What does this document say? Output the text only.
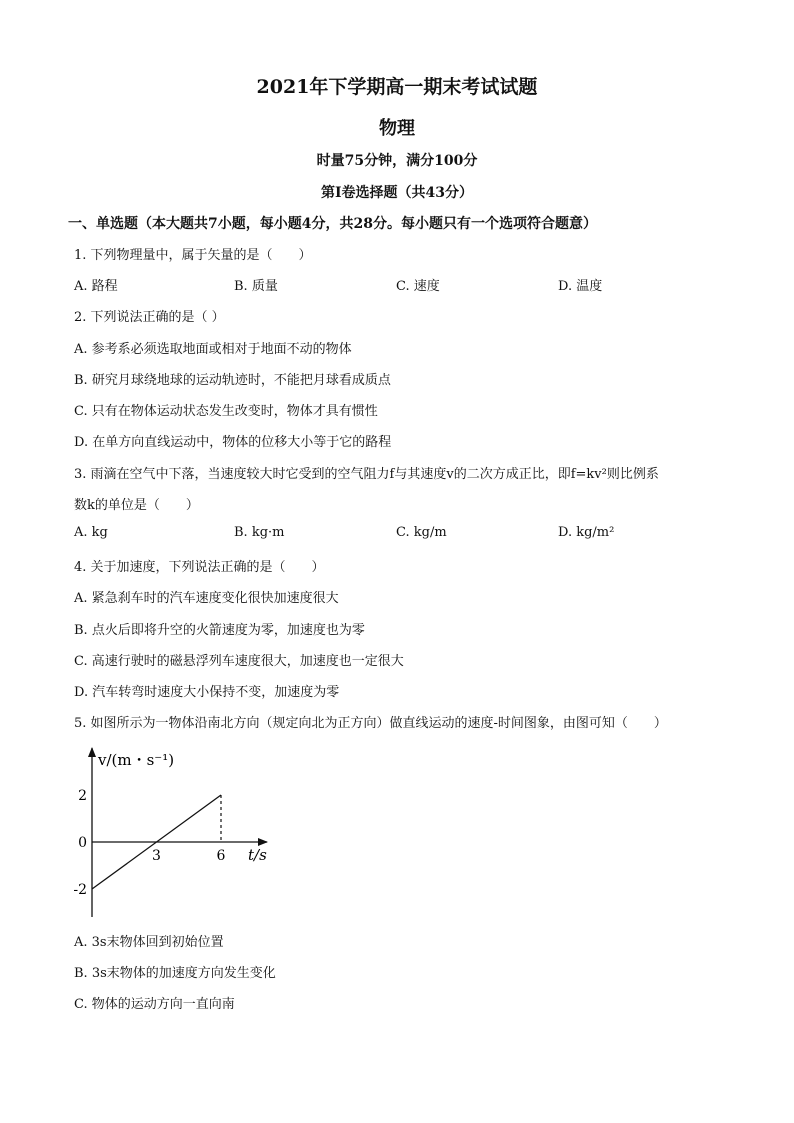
2021年下学期高一期末考试试题
物理
时量75分钟，满分100分
第I卷选择题（共43分）
一、单选题（本大题共7小题，每小题4分，共28分。每小题只有一个选项符合题意）
1. 下列物理量中，属于矢量的是（　　）
A. 路程	B. 质量	C. 速度	D. 温度
2. 下列说法正确的是（ ）
A. 参考系必须选取地面或相对于地面不动的物体
B. 研究月球绕地球的运动轨迹时，不能把月球看成质点
C. 只有在物体运动状态发生改变时，物体才具有惯性
D. 在单方向直线运动中，物体的位移大小等于它的路程
3. 雨滴在空气中下落，当速度较大时它受到的空气阻力f与其速度v的二次方成正比，即f=kv²则比例系
数k的单位是（　　）
A. kg	B. kg·m	C. kg/m	D. kg/m²
4. 关于加速度，下列说法正确的是（　　）
A. 紧急刹车时的汽车速度变化很快加速度很大
B. 点火后即将升空的火箭速度为零，加速度也为零
C. 高速行驶时的磁悬浮列车速度很大，加速度也一定很大
D. 汽车转弯时速度大小保持不变，加速度为零
5. 如图所示为一物体沿南北方向（规定向北为正方向）做直线运动的速度-时间图象，由图可知（　　）
v/(m・s⁻¹)
2
0
-2
3	6 t/s
A. 3s末物体回到初始位置
B. 3s末物体的加速度方向发生变化
C. 物体的运动方向一直向南
